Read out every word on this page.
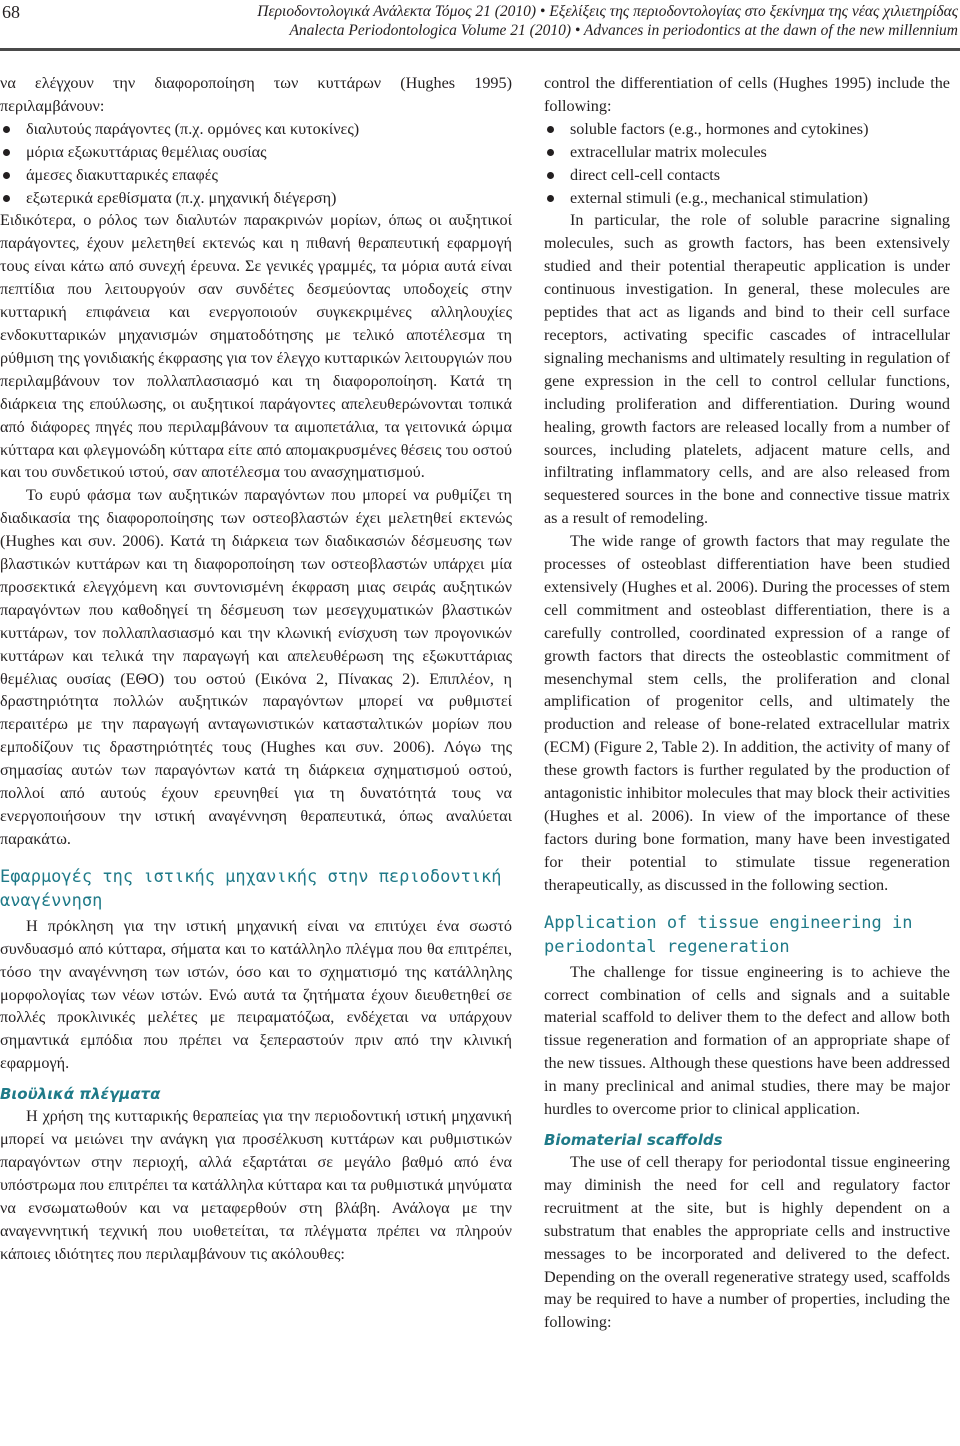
68	Περιοδοντολογικά Ανάλεκτα Τόμος 21 (2010) • Εξελίξεις της περιοδοντολογίας στο ξεκίνημα της νέας χιλιετηρίδας
Analecta Periodontologica Volume 21 (2010) • Advances in periodontics at the dawn of the new millennium

να ελέγχουν την διαφοροποίηση των κυττάρων (Hughes 1995) περιλαμβάνουν:

διαλυτούς παράγοντες (π.χ. ορμόνες και κυτοκίνες)
μόρια εξωκυττάριας θεμέλιας ουσίας
άμεσες διακυτταρικές επαφές
εξωτερικά ερεθίσματα (π.χ. μηχανική διέγερση)

Ειδικότερα, ο ρόλος των διαλυτών παρακρινών μορίων, όπως οι αυξητικοί παράγοντες, έχουν μελετηθεί εκτενώς και η πιθανή θεραπευτική εφαρμογή τους είναι κάτω από συνεχή έρευνα. Σε γενικές γραμμές, τα μόρια αυτά είναι πεπτίδια που λειτουργούν σαν συνδέτες δεσμεύοντας υποδοχείς στην κυτταρική επιφάνεια και ενεργοποιούν συγκεκριμένες αλληλουχίες ενδοκυτταρικών μηχανισμών σηματοδότησης με τελικό αποτέλεσμα τη ρύθμιση της γονιδιακής έκφρασης για τον έλεγχο κυτταρικών λειτουργιών που περιλαμβάνουν τον πολλαπλασιασμό και τη διαφοροποίηση. Κατά τη διάρκεια της επούλωσης, οι αυξητικοί παράγοντες απελευθερώνονται τοπικά από διάφορες πηγές που περιλαμβάνουν τα αιμοπετάλια, τα γειτονικά ώριμα κύτταρα και φλεγμονώδη κύτταρα είτε από απομακρυσμένες θέσεις του οστού και του συνδετικού ιστού, σαν αποτέλεσμα του ανασχηματισμού.

Το ευρύ φάσμα των αυξητικών παραγόντων που μπορεί να ρυθμίζει τη διαδικασία της διαφοροποίησης των οστεοβλαστών έχει μελετηθεί εκτενώς (Hughes και συν. 2006). Κατά τη διάρκεια των διαδικασιών δέσμευσης των βλαστικών κυττάρων και τη διαφοροποίηση των οστεοβλαστών υπάρχει μία προσεκτικά ελεγχόμενη και συντονισμένη έκφραση μιας σειράς αυξητικών παραγόντων που καθοδηγεί τη δέσμευση των μεσεγχυματικών βλαστικών κυττάρων, τον πολλαπλασιασμό και την κλωνική ενίσχυση των προγονικών κυττάρων και τελικά την παραγωγή και απελευθέρωση της εξωκυττάριας θεμέλιας ουσίας (ΕΘΟ) του οστού (Εικόνα 2, Πίνακας 2). Επιπλέον, η δραστηριότητα πολλών αυξητικών παραγόντων μπορεί να ρυθμιστεί περαιτέρω με την παραγωγή ανταγωνιστικών κατασταλτικών μορίων που εμποδίζουν τις δραστηριότητές τους (Hughes και συν. 2006). Λόγω της σημασίας αυτών των παραγόντων κατά τη διάρκεια σχηματισμού οστού, πολλοί από αυτούς έχουν ερευνηθεί για τη δυνατότητά τους να ενεργοποιήσουν την ιστική αναγέννηση θεραπευτικά, όπως αναλύεται παρακάτω.

Εφαρμογές της ιστικής μηχανικής στην περιοδοντική αναγέννηση

Η πρόκληση για την ιστική μηχανική είναι να επιτύχει ένα σωστό συνδυασμό από κύτταρα, σήματα και το κατάλληλο πλέγμα που θα επιτρέπει, τόσο την αναγέννηση των ιστών, όσο και το σχηματισμό της κατάλληλης μορφολογίας των νέων ιστών. Ενώ αυτά τα ζητήματα έχουν διευθετηθεί σε πολλές προκλινικές μελέτες με πειραματόζωα, ενδέχεται να υπάρχουν σημαντικά εμπόδια που πρέπει να ξεπεραστούν πριν από την κλινική εφαρμογή.

Βιοϋλικά πλέγματα

Η χρήση της κυτταρικής θεραπείας για την περιοδοντική ιστική μηχανική μπορεί να μειώνει την ανάγκη για προσέλκυση κυττάρων και ρυθμιστικών παραγόντων στην περιοχή, αλλά εξαρτάται σε μεγάλο βαθμό από ένα υπόστρωμα που επιτρέπει τα κατάλληλα κύτταρα και τα ρυθμιστικά μηνύματα να ενσωματωθούν και να μεταφερθούν στη βλάβη. Ανάλογα με την αναγεννητική τεχνική που υιοθετείται, τα πλέγματα πρέπει να πληρούν κάποιες ιδιότητες που περιλαμβάνουν τις ακόλουθες:

control the differentiation of cells (Hughes 1995) include the following:

soluble factors (e.g., hormones and cytokines)
extracellular matrix molecules
direct cell-cell contacts
external stimuli (e.g., mechanical stimulation)

In particular, the role of soluble paracrine signaling molecules, such as growth factors, has been extensively studied and their potential therapeutic application is under continuous investigation. In general, these molecules are peptides that act as ligands and bind to their cell surface receptors, activating specific cascades of intracellular signaling mechanisms and ultimately resulting in regulation of gene expression in the cell to control cellular functions, including proliferation and differentiation. During wound healing, growth factors are released locally from a number of sources, including platelets, adjacent mature cells, and infiltrating inflammatory cells, and are also released from sequestered sources in the bone and connective tissue matrix as a result of remodeling.

The wide range of growth factors that may regulate the processes of osteoblast differentiation have been studied extensively (Hughes et al. 2006). During the processes of stem cell commitment and osteoblast differentiation, there is a carefully controlled, coordinated expression of a range of growth factors that directs the osteoblastic commitment of mesenchymal stem cells, the proliferation and clonal amplification of progenitor cells, and ultimately the production and release of bone-related extracellular matrix (ECM) (Figure 2, Table 2). In addition, the activity of many of these growth factors is further regulated by the production of antagonistic inhibitor molecules that may block their activities (Hughes et al. 2006). In view of the importance of these factors during bone formation, many have been investigated for their potential to stimulate tissue regeneration therapeutically, as discussed in the following section.

Application of tissue engineering in periodontal regeneration

The challenge for tissue engineering is to achieve the correct combination of cells and signals and a suitable material scaffold to deliver them to the defect and allow both tissue regeneration and formation of an appropriate shape of the new tissues. Although these questions have been addressed in many preclinical and animal studies, there may be major hurdles to overcome prior to clinical application.

Biomaterial scaffolds

The use of cell therapy for periodontal tissue engineering may diminish the need for cell and regulatory factor recruitment at the site, but is highly dependent on a substratum that enables the appropriate cells and instructive messages to be incorporated and delivered to the defect. Depending on the overall regenerative strategy used, scaffolds may be required to have a number of properties, including the following:
